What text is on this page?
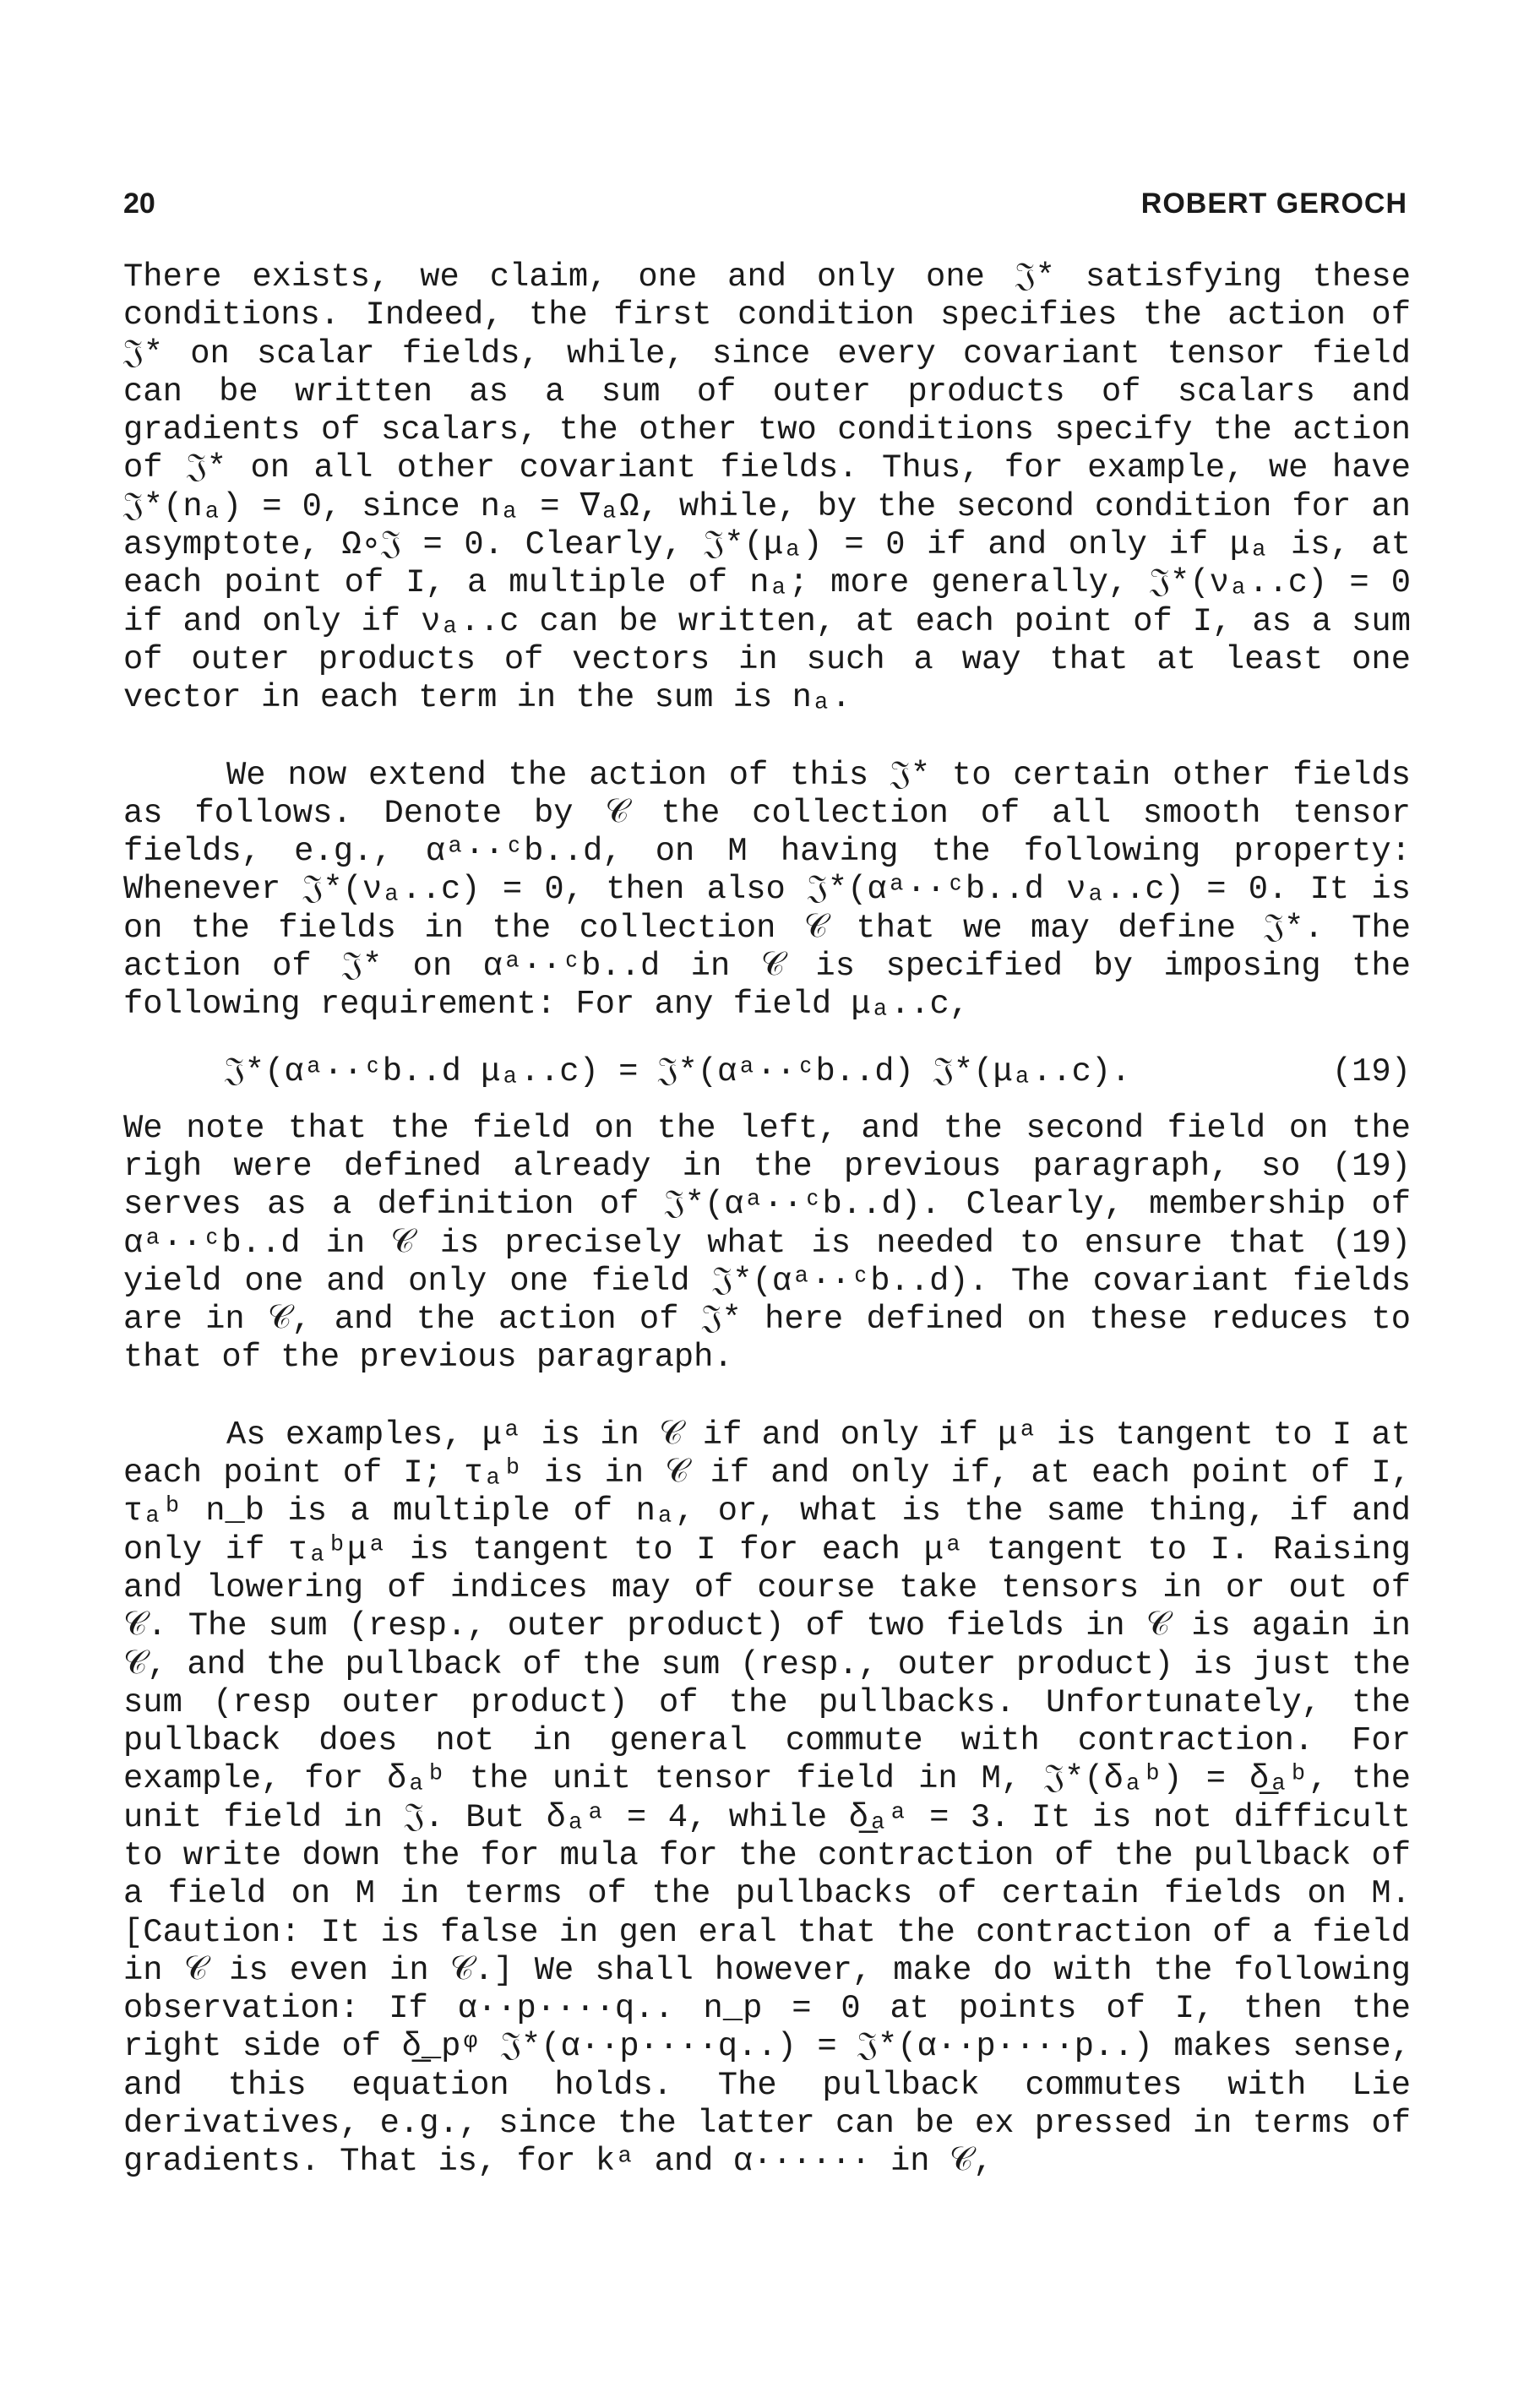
20	ROBERT GEROCH

There exists, we claim, one and only one 𝔍* satisfying these conditions. Indeed, the first condition specifies the action of 𝔍* on scalar fields, while, since every covariant tensor field can be written as a sum of outer products of scalars and gradients of scalars, the other two conditions specify the action of 𝔍* on all other covariant fields. Thus, for example, we have 𝔍*(nₐ) = 0, since nₐ = ∇ₐΩ, while, by the second condition for an asymptote, Ω∘𝔍 = 0. Clearly, 𝔍*(μₐ) = 0 if and only if μₐ is, at each point of I, a multiple of nₐ; more generally, 𝔍*(νₐ..c) = 0 if and only if νₐ..c can be written, at each point of I, as a sum of outer products of vectors in such a way that at least one vector in each term in the sum is nₐ.

We now extend the action of this 𝔍* to certain other fields as follows. Denote by 𝒞 the collection of all smooth tensor fields, e.g., αᵃ··ᶜb..d, on M having the following property: Whenever 𝔍*(νₐ..c) = 0, then also 𝔍*(αᵃ··ᶜb..d νₐ..c) = 0. It is on the fields in the collection 𝒞 that we may define 𝔍*. The action of 𝔍* on αᵃ··ᶜb..d in 𝒞 is specified by imposing the following requirement: For any field μₐ..c,

𝔍*(αᵃ··ᶜb..d μₐ..c) = 𝔍*(αᵃ··ᶜb..d) 𝔍*(μₐ..c).	(19)

We note that the field on the left, and the second field on the righ were defined already in the previous paragraph, so (19) serves as a definition of 𝔍*(αᵃ··ᶜb..d). Clearly, membership of αᵃ··ᶜb..d in 𝒞 is precisely what is needed to ensure that (19) yield one and only one field 𝔍*(αᵃ··ᶜb..d). The covariant fields are in 𝒞, and the action of 𝔍* here defined on these reduces to that of the previous paragraph.

As examples, μᵃ is in 𝒞 if and only if μᵃ is tangent to I at each point of I; τₐᵇ is in 𝒞 if and only if, at each point of I, τₐᵇ n_b is a multiple of nₐ, or, what is the same thing, if and only if τₐᵇμᵃ is tangent to I for each μᵃ tangent to I. Raising and lowering of indices may of course take tensors in or out of 𝒞. The sum (resp., outer product) of two fields in 𝒞 is again in 𝒞, and the pullback of the sum (resp., outer product) is just the sum (resp outer product) of the pullbacks. Unfortunately, the pullback does not in general commute with contraction. For example, for δₐᵇ the unit tensor field in M, 𝔍*(δₐᵇ) = δ̲ₐᵇ, the unit field in 𝔍. But δₐᵃ = 4, while δ̲ₐᵃ = 3. It is not difficult to write down the for mula for the contraction of the pullback of a field on M in terms of the pullbacks of certain fields on M. [Caution: It is false in gen eral that the contraction of a field in 𝒞 is even in 𝒞.] We shall however, make do with the following observation: If α··p····q.. n_p = 0 at points of I, then the right side of δ̲_pᵠ 𝔍*(α··p····q..) = 𝔍*(α··p····p..) makes sense, and this equation holds. The pullback commutes with Lie derivatives, e.g., since the latter can be ex pressed in terms of gradients. That is, for kᵃ and α······ in 𝒞,
